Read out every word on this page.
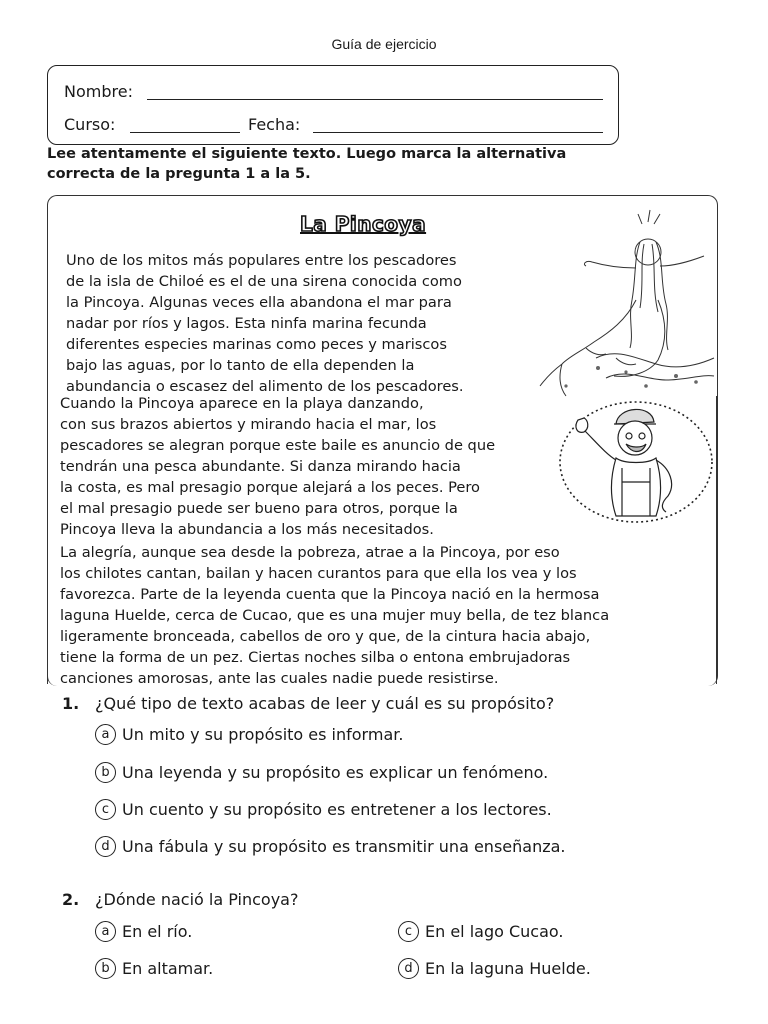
Guía de ejercicio
Nombre:
Curso:	Fecha:
Lee atentamente el siguiente texto. Luego marca la alternativa
correcta de la pregunta 1 a la 5.
La Pincoya
Uno de los mitos más populares entre los pescadores
de la isla de Chiloé es el de una sirena conocida como
la Pincoya. Algunas veces ella abandona el mar para
nadar por ríos y lagos. Esta ninfa marina fecunda
diferentes especies marinas como peces y mariscos
bajo las aguas, por lo tanto de ella dependen la
abundancia o escasez del alimento de los pescadores.
Cuando la Pincoya aparece en la playa danzando,
con sus brazos abiertos y mirando hacia el mar, los
pescadores se alegran porque este baile es anuncio de que
tendrán una pesca abundante. Si danza mirando hacia
la costa, es mal presagio porque alejará a los peces. Pero
el mal presagio puede ser bueno para otros, porque la
Pincoya lleva la abundancia a los más necesitados.
La alegría, aunque sea desde la pobreza, atrae a la Pincoya, por eso
los chilotes cantan, bailan y hacen curantos para que ella los vea y los
favorezca. Parte de la leyenda cuenta que la Pincoya nació en la hermosa
laguna Huelde, cerca de Cucao, que es una mujer muy bella, de tez blanca
ligeramente bronceada, cabellos de oro y que, de la cintura hacia abajo,
tiene la forma de un pez. Ciertas noches silba o entona embrujadoras
canciones amorosas, ante las cuales nadie puede resistirse.
1. ¿Qué tipo de texto acabas de leer y cuál es su propósito?
a Un mito y su propósito es informar.
b Una leyenda y su propósito es explicar un fenómeno.
c Un cuento y su propósito es entretener a los lectores.
d Una fábula y su propósito es transmitir una enseñanza.
2. ¿Dónde nació la Pincoya?
a En el río.
b En altamar.
c En el lago Cucao.
d En la laguna Huelde.
